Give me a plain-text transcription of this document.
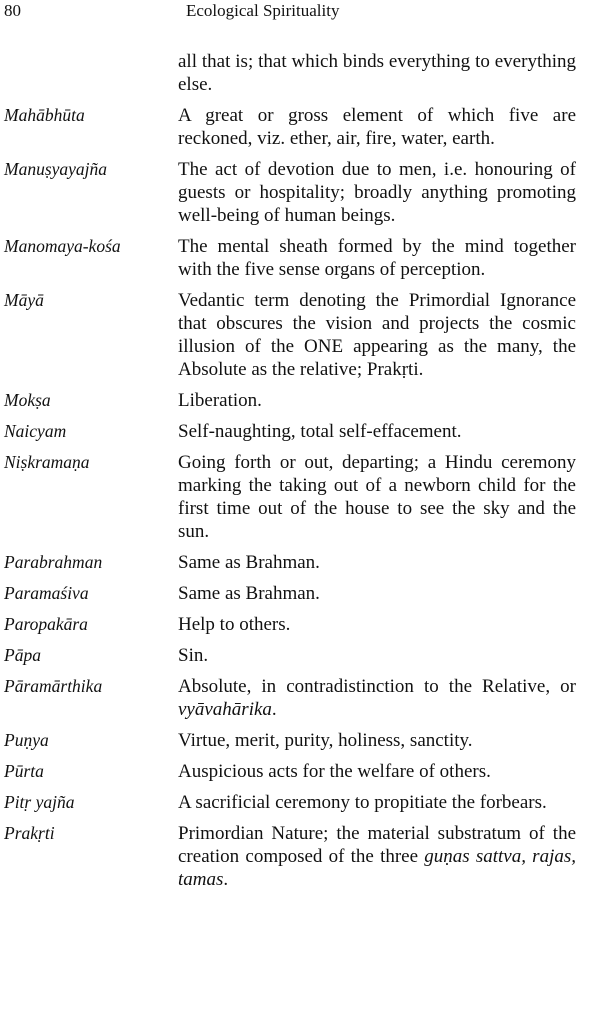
80	Ecological Spirituality
all that is; that which binds everything to everything else.
Mahābhūta	A great or gross element of which five are reckoned, viz. ether, air, fire, water, earth.
Manuṣyayajña	The act of devotion due to men, i.e. honouring of guests or hospitality; broadly anything promoting well-being of human beings.
Manomaya-kośa	The mental sheath formed by the mind together with the five sense organs of perception.
Māyā	Vedantic term denoting the Primordial Ignorance that obscures the vision and projects the cosmic illusion of the ONE appearing as the many, the Absolute as the relative; Prakṛti.
Mokṣa	Liberation.
Naicyam	Self-naughting, total self-effacement.
Niṣkramaṇa	Going forth or out, departing; a Hindu ceremony marking the taking out of a newborn child for the first time out of the house to see the sky and the sun.
Parabrahman	Same as Brahman.
Paramaśiva	Same as Brahman.
Paropakāra	Help to others.
Pāpa	Sin.
Pāramārthika	Absolute, in contradistinction to the Relative, or vyāvahārika.
Puṇya	Virtue, merit, purity, holiness, sanctity.
Pūrta	Auspicious acts for the welfare of others.
Pitṛ yajña	A sacrificial ceremony to propitiate the forbears.
Prakṛti	Primordian Nature; the material substratum of the creation composed of the three guṇas sattva, rajas, tamas.
